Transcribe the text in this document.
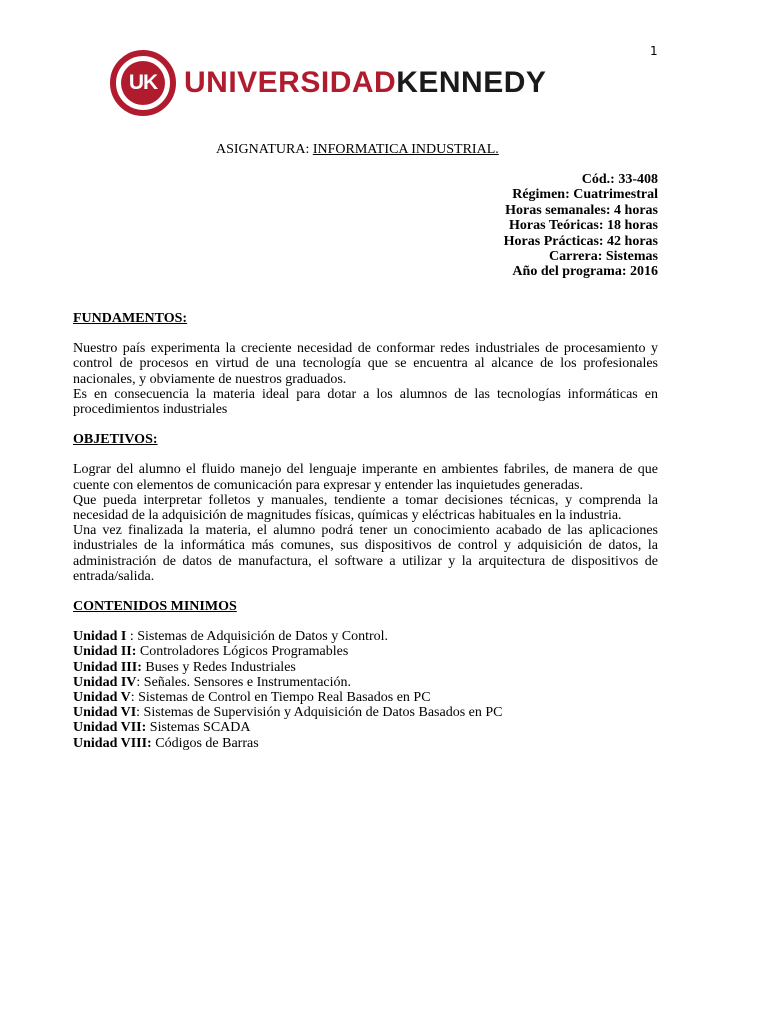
1
UK UNIVERSIDADKENNEDY
ASIGNATURA: INFORMATICA INDUSTRIAL.
Cód.: 33-408
Régimen: Cuatrimestral
Horas semanales: 4 horas
Horas Teóricas: 18 horas
Horas Prácticas: 42 horas
Carrera: Sistemas
Año del programa: 2016
FUNDAMENTOS:

Nuestro país experimenta la creciente necesidad de conformar redes industriales de procesamiento y control de procesos en virtud de una tecnología que se encuentra al alcance de los profesionales nacionales, y obviamente de nuestros graduados.

Es en consecuencia la materia ideal para dotar a los alumnos de las tecnologías informáticas en procedimientos industriales

OBJETIVOS:

Lograr del alumno el fluido manejo del lenguaje imperante en ambientes fabriles, de manera de que cuente con elementos de comunicación para expresar y entender las inquietudes generadas.

Que pueda interpretar folletos y manuales, tendiente a tomar decisiones técnicas, y comprenda la necesidad de la adquisición de magnitudes físicas, químicas y eléctricas habituales en la industria.

Una vez finalizada la materia, el alumno podrá tener un conocimiento acabado de las aplicaciones industriales de la informática más comunes, sus dispositivos de control y adquisición de datos, la administración de datos de manufactura, el software a utilizar y la arquitectura de dispositivos de entrada/salida.

CONTENIDOS MINIMOS
Unidad I : Sistemas de Adquisición de Datos y Control.
Unidad II: Controladores Lógicos Programables
Unidad III: Buses y Redes Industriales
Unidad IV: Señales. Sensores e Instrumentación.
Unidad V: Sistemas de Control en Tiempo Real Basados en PC
Unidad VI: Sistemas de Supervisión y Adquisición de Datos Basados en PC
Unidad VII: Sistemas SCADA
Unidad VIII: Códigos de Barras
